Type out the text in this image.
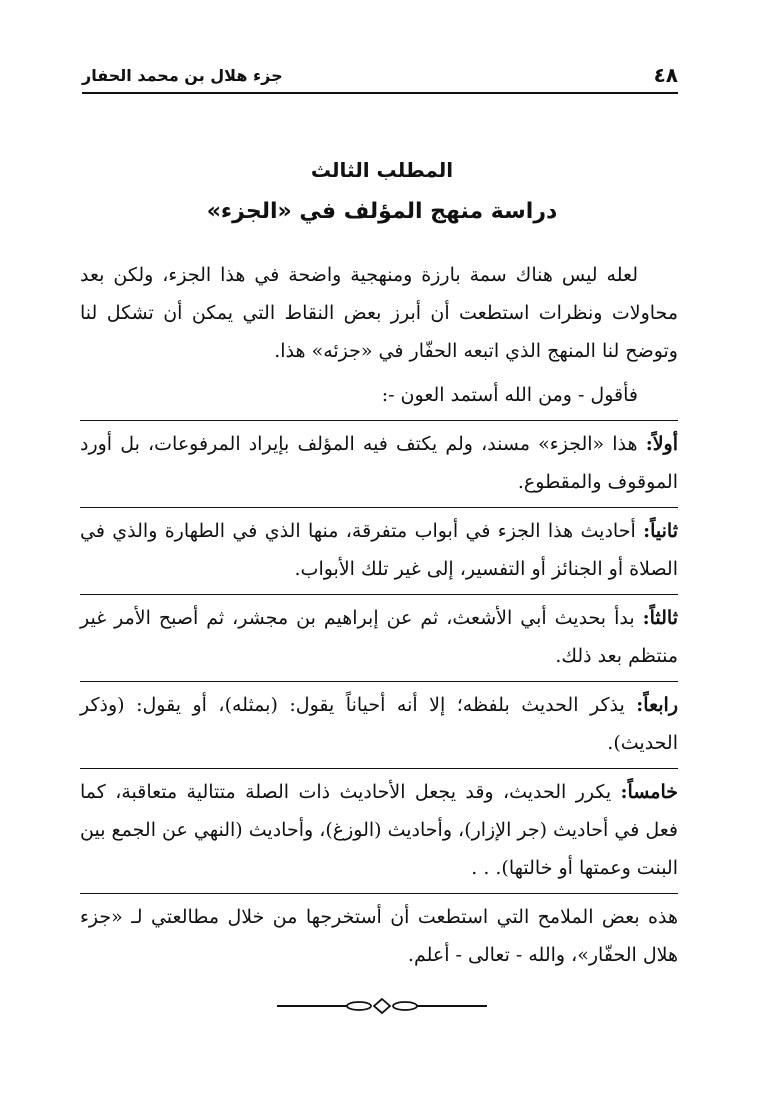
٤٨
جزء هلال بن محمد الحفار
المطلب الثالث
دراسة منهج المؤلف في «الجزء»

لعله ليس هناك سمة بارزة ومنهجية واضحة في هذا الجزء، ولكن بعد محاولات ونظرات استطعت أن أبرز بعض النقاط التي يمكن أن تشكل لنا وتوضح لنا المنهج الذي اتبعه الحفّار في «جزئه» هذا.

فأقول - ومن الله أستمد العون -:

أولاً: هذا «الجزء» مسند، ولم يكتف فيه المؤلف بإيراد المرفوعات، بل أورد الموقوف والمقطوع.

ثانياً: أحاديث هذا الجزء في أبواب متفرقة، منها الذي في الطهارة والذي في الصلاة أو الجنائز أو التفسير، إلى غير تلك الأبواب.

ثالثاً: بدأ بحديث أبي الأشعث، ثم عن إبراهيم بن مجشر، ثم أصبح الأمر غير منتظم بعد ذلك.

رابعاً: يذكر الحديث بلفظه؛ إلا أنه أحياناً يقول: (بمثله)، أو يقول: (وذكر الحديث).

خامساً: يكرر الحديث، وقد يجعل الأحاديث ذات الصلة متتالية متعاقبة، كما فعل في أحاديث (جر الإزار)، وأحاديث (الوزغ)، وأحاديث (النهي عن الجمع بين البنت وعمتها أو خالتها). . .

هذه بعض الملامح التي استطعت أن أستخرجها من خلال مطالعتي لـ «جزء هلال الحفّار»، والله - تعالى - أعلم.
